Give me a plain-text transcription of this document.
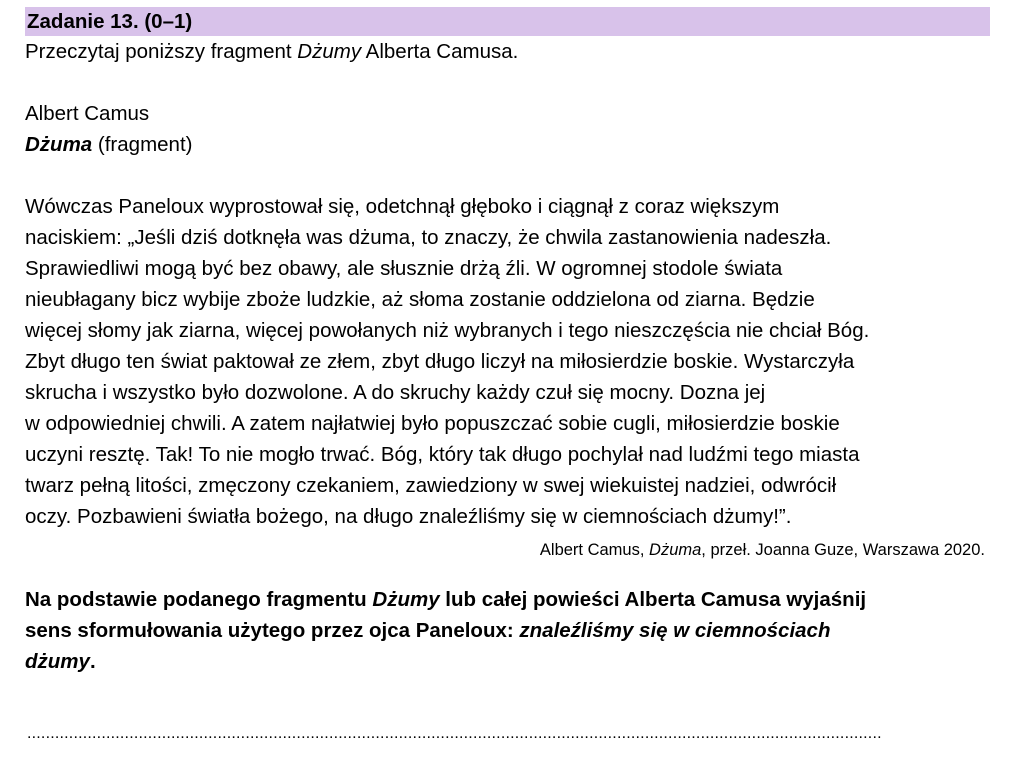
Zadanie 13. (0–1)

Przeczytaj poniższy fragment Dżumy Alberta Camusa.

Albert Camus

Dżuma (fragment)

Wówczas Paneloux wyprostował się, odetchnął głęboko i ciągnął z coraz większym
naciskiem: „Jeśli dziś dotknęła was dżuma, to znaczy, że chwila zastanowienia nadeszła.
Sprawiedliwi mogą być bez obawy, ale słusznie drżą źli. W ogromnej stodole świata
nieubłagany bicz wybije zboże ludzkie, aż słoma zostanie oddzielona od ziarna. Będzie
więcej słomy jak ziarna, więcej powołanych niż wybranych i tego nieszczęścia nie chciał Bóg.
Zbyt długo ten świat paktował ze złem, zbyt długo liczył na miłosierdzie boskie. Wystarczyła
skrucha i wszystko było dozwolone. A do skruchy każdy czuł się mocny. Dozna jej
w odpowiedniej chwili. A zatem najłatwiej było popuszczać sobie cugli, miłosierdzie boskie
uczyni resztę. Tak! To nie mogło trwać. Bóg, który tak długo pochylał nad ludźmi tego miasta
twarz pełną litości, zmęczony czekaniem, zawiedziony w swej wiekuistej nadziei, odwrócił
oczy. Pozbawieni światła bożego, na długo znaleźliśmy się w ciemnościach dżumy!”.

Albert Camus, Dżuma, przeł. Joanna Guze, Warszawa 2020.

Na podstawie podanego fragmentu Dżumy lub całej powieści Alberta Camusa wyjaśnij
sens sformułowania użytego przez ojca Paneloux: znaleźliśmy się w ciemnościach
dżumy.

........................................................................................................................................................................................
